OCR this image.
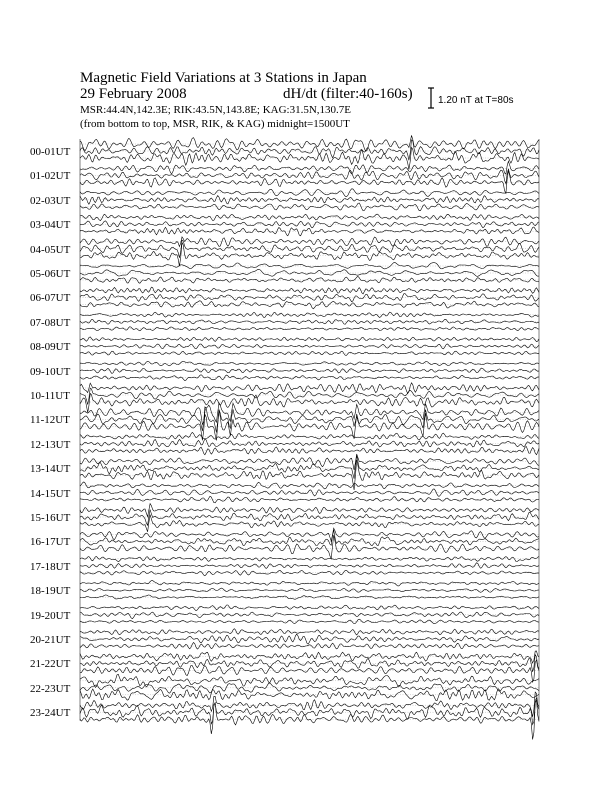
Magnetic Field Variations at 3 Stations in Japan
29 February 2008	dH/dt (filter:40-160s)
MSR:44.4N,142.3E; RIK:43.5N,143.8E; KAG:31.5N,130.7E
(from bottom to top, MSR, RIK, & KAG) midnight=1500UT
1.20 nT at T=80s
00-01UT
01-02UT
02-03UT
03-04UT
04-05UT
05-06UT
06-07UT
07-08UT
08-09UT
09-10UT
10-11UT
11-12UT
12-13UT
13-14UT
14-15UT
15-16UT
16-17UT
17-18UT
18-19UT
19-20UT
20-21UT
21-22UT
22-23UT
23-24UT
